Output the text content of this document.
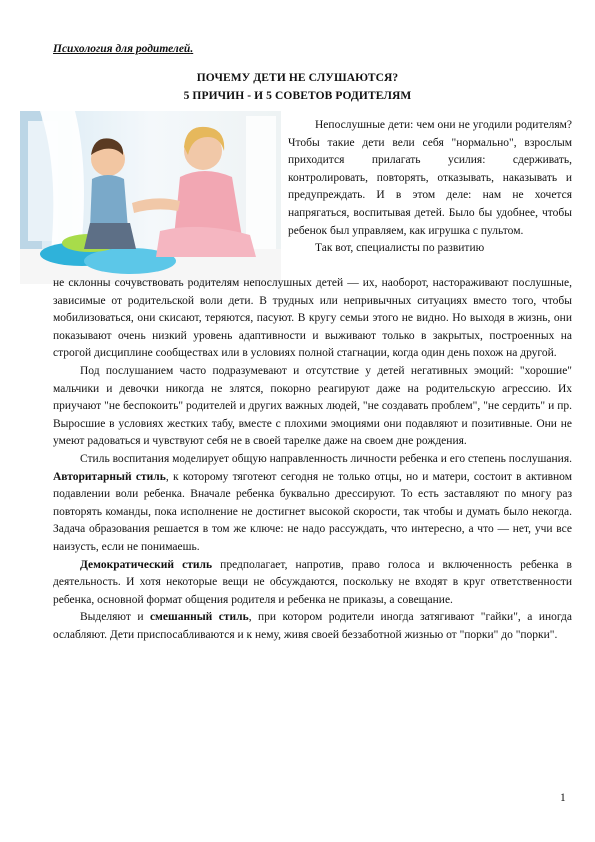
Психология для родителей.
ПОЧЕМУ ДЕТИ НЕ СЛУШАЮТСЯ?
5 ПРИЧИН - И 5 СОВЕТОВ РОДИТЕЛЯМ

Непослушные дети: чем они не угодили родителям? Чтобы такие дети вели себя "нормально", взрослым приходится прилагать усилия: сдерживать, контролировать, повторять, отказывать, наказывать и предупреждать. И в этом деле: нам не хочется напрягаться, воспитывая детей. Было бы удобнее, чтобы ребенок был управляем, как игрушка с пультом.

Так вот, специалисты по развитию

не склонны сочувствовать родителям непослушных детей — их, наоборот, настораживают послушные, зависимые от родительской воли дети. В трудных или непривычных ситуациях вместо того, чтобы мобилизоваться, они скисают, теряются, пасуют. В кругу семьи этого не видно. Но выходя в жизнь, они показывают очень низкий уровень адаптивности и выживают только в закрытых, построенных на строгой дисциплине сообществах или в условиях полной стагнации, когда один день похож на другой.

Под послушанием часто подразумевают и отсутствие у детей негативных эмоций: "хорошие" мальчики и девочки никогда не злятся, покорно реагируют даже на родительскую агрессию. Их приучают "не беспокоить" родителей и других важных людей, "не создавать проблем", "не сердить" и пр. Выросшие в условиях жестких табу, вместе с плохими эмоциями они подавляют и позитивные. Они не умеют радоваться и чувствуют себя не в своей тарелке даже на своем дне рождения.

Стиль воспитания моделирует общую направленность личности ребенка и его степень послушания. Авторитарный стиль, к которому тяготеют сегодня не только отцы, но и матери, состоит в активном подавлении воли ребенка. Вначале ребенка буквально дрессируют. То есть заставляют по многу раз повторять команды, пока исполнение не достигнет высокой скорости, так чтобы и думать было некогда. Задача образования решается в том же ключе: не надо рассуждать, что интересно, а что — нет, учи все наизусть, если не понимаешь.

Демократический стиль предполагает, напротив, право голоса и включенность ребенка в деятельность. И хотя некоторые вещи не обсуждаются, поскольку не входят в круг ответственности ребенка, основной формат общения родителя и ребенка не приказы, а совещание.

Выделяют и смешанный стиль, при котором родители иногда затягивают "гайки", а иногда ослабляют. Дети приспосабливаются и к нему, живя своей беззаботной жизнью от "порки" до "порки".

1
